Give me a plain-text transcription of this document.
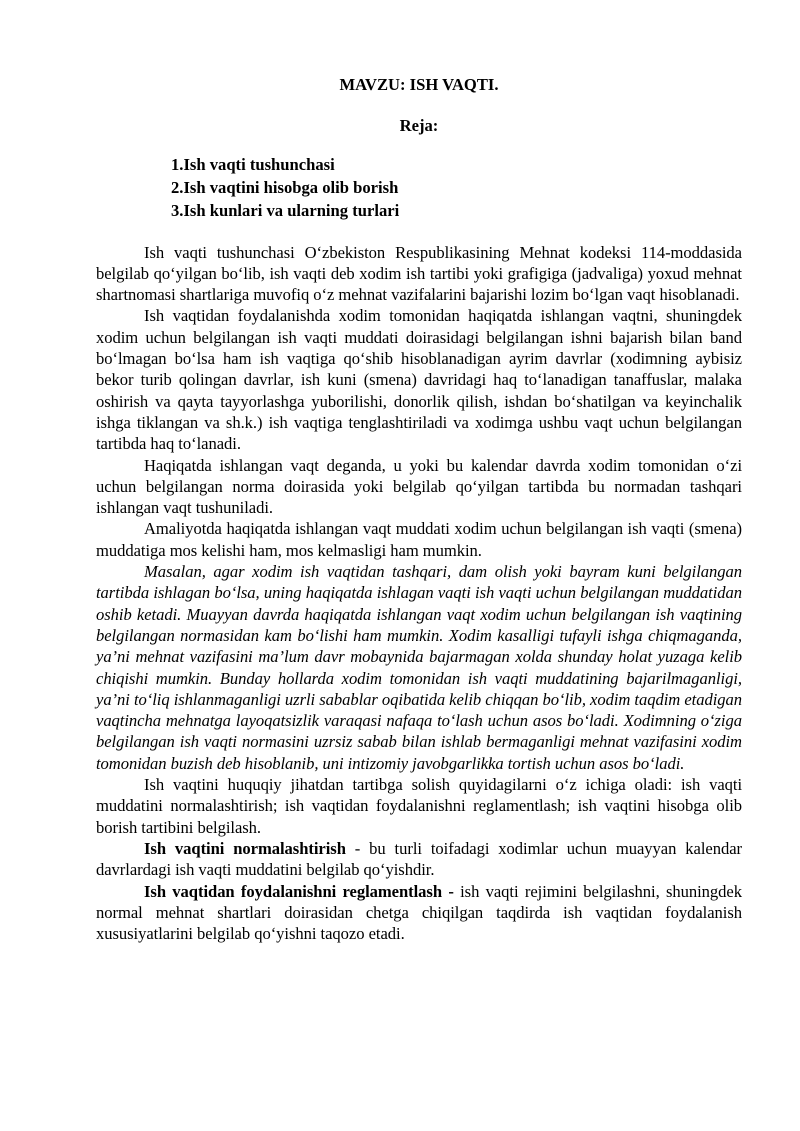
MAVZU: ISH VAQTI.
Reja:
1.Ish vaqti tushunchasi
2.Ish vaqtini hisobga olib borish
3.Ish kunlari va ularning turlari

Ish vaqti tushunchasi O‘zbekiston Respublikasining Mehnat kodeksi 114-moddasida belgilab qo‘yilgan bo‘lib, ish vaqti deb xodim ish tartibi yoki grafigiga (jadvaliga) yoxud mehnat shartnomasi shartlariga muvofiq o‘z mehnat vazifalarini bajarishi lozim bo‘lgan vaqt hisoblanadi.

Ish vaqtidan foydalanishda xodim tomonidan haqiqatda ishlangan vaqtni, shuningdek xodim uchun belgilangan ish vaqti muddati doirasidagi belgilangan ishni bajarish bilan band bo‘lmagan bo‘lsa ham ish vaqtiga qo‘shib hisoblanadigan ayrim davrlar (xodimning aybisiz bekor turib qolingan davrlar, ish kuni (smena) davridagi haq to‘lanadigan tanaffuslar, malaka oshirish va qayta tayyorlashga yuborilishi, donorlik qilish, ishdan bo‘shatilgan va keyinchalik ishga tiklangan va sh.k.) ish vaqtiga tenglashtiriladi va xodimga ushbu vaqt uchun belgilangan tartibda haq to‘lanadi.

Haqiqatda ishlangan vaqt deganda, u yoki bu kalendar davrda xodim tomonidan o‘zi uchun belgilangan norma doirasida yoki belgilab qo‘yilgan tartibda bu normadan tashqari ishlangan vaqt tushuniladi.

Amaliyotda haqiqatda ishlangan vaqt muddati xodim uchun belgilangan ish vaqti (smena) muddatiga mos kelishi ham, mos kelmasligi ham mumkin.

Masalan, agar xodim ish vaqtidan tashqari, dam olish yoki bayram kuni belgilangan tartibda ishlagan bo‘lsa, uning haqiqatda ishlagan vaqti ish vaqti uchun belgilangan muddatidan oshib ketadi. Muayyan davrda haqiqatda ishlangan vaqt xodim uchun belgilangan ish vaqtining belgilangan normasidan kam bo‘lishi ham mumkin. Xodim kasalligi tufayli ishga chiqmaganda, ya’ni mehnat vazifasini ma’lum davr mobaynida bajarmagan xolda shunday holat yuzaga kelib chiqishi mumkin. Bunday hollarda xodim tomonidan ish vaqti muddatining bajarilmaganligi, ya’ni to‘liq ishlanmaganligi uzrli sabablar oqibatida kelib chiqqan bo‘lib, xodim taqdim etadigan vaqtincha mehnatga layoqatsizlik varaqasi nafaqa to‘lash uchun asos bo‘ladi. Xodimning o‘ziga belgilangan ish vaqti normasini uzrsiz sabab bilan ishlab bermaganligi mehnat vazifasini xodim tomonidan buzish deb hisoblanib, uni intizomiy javobgarlikka tortish uchun asos bo‘ladi.

Ish vaqtini huquqiy jihatdan tartibga solish quyidagilarni o‘z ichiga oladi: ish vaqti muddatini normalashtirish; ish vaqtidan foydalanishni reglamentlash; ish vaqtini hisobga olib borish tartibini belgilash.

Ish vaqtini normalashtirish - bu turli toifadagi xodimlar uchun muayyan kalendar davrlardagi ish vaqti muddatini belgilab qo‘yishdir.

Ish vaqtidan foydalanishni reglamentlash - ish vaqti rejimini belgilashni, shuningdek normal mehnat shartlari doirasidan chetga chiqilgan taqdirda ish vaqtidan foydalanish xususiyatlarini belgilab qo‘yishni taqozo etadi.
